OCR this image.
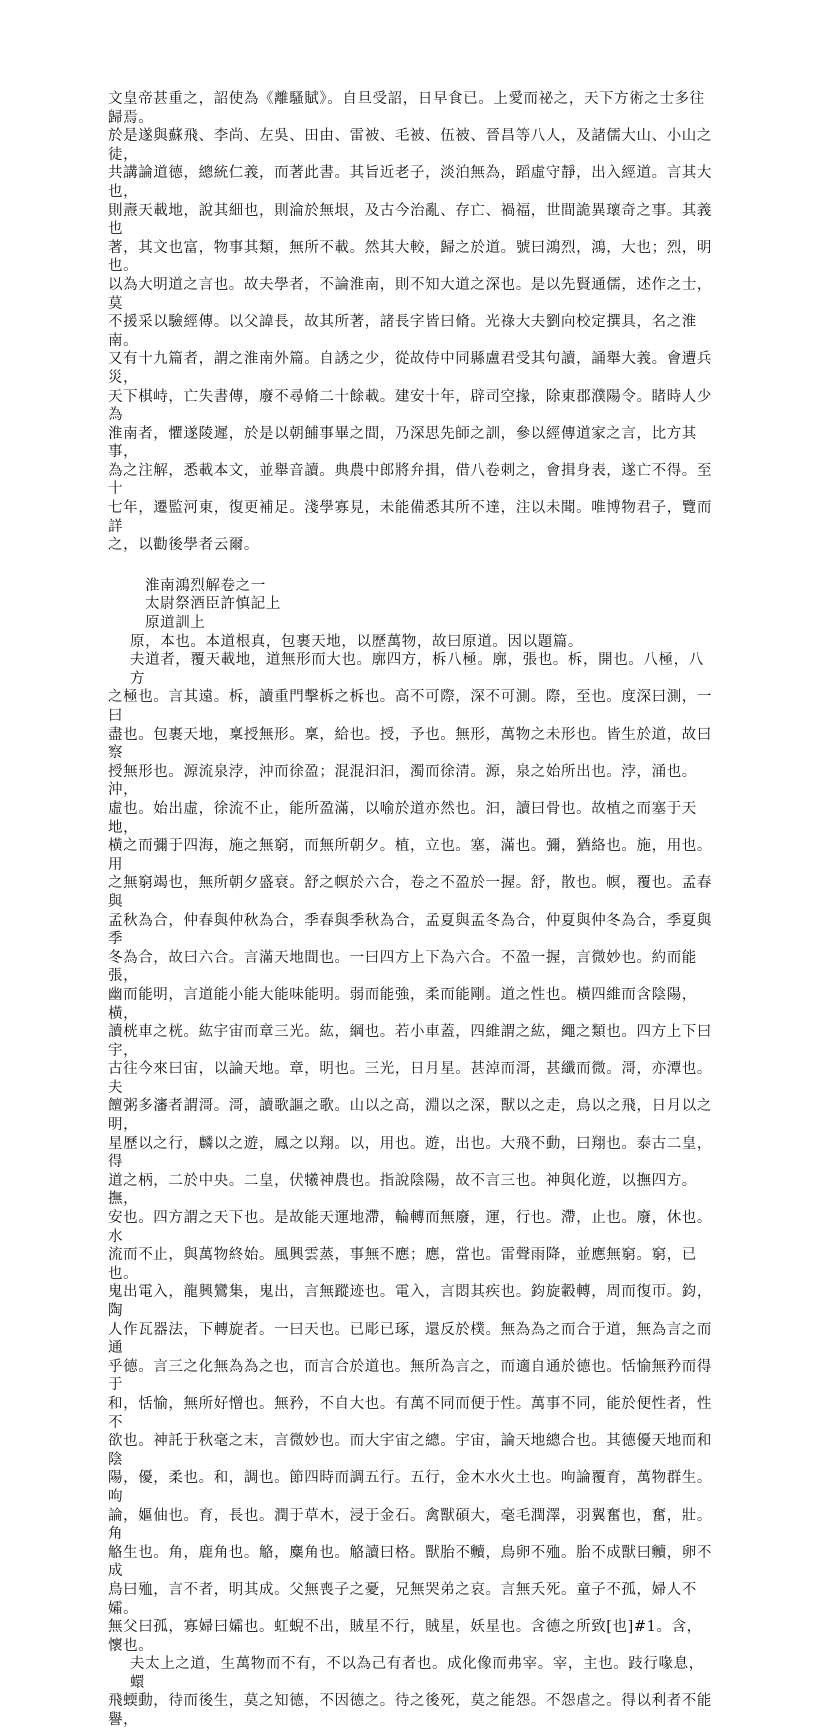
文皇帝甚重之，詔使為《離騷賦》。自旦受詔，日早食已。上愛而祕之，天下方術之士多往歸焉。
於是遂與蘇飛、李尚、左吳、田由、雷被、毛被、伍被、晉昌等八人，及諸儒大山、小山之徒，
共講論道德，總統仁義，而著此書。其旨近老子，淡泊無為，蹈虛守靜，出入經道。言其大也，
則燾天載地，說其細也，則淪於無垠，及古今治亂、存亡、禍福，世間詭異瓌奇之事。其義也
著，其文也富，物事其類，無所不載。然其大較，歸之於道。號曰鴻烈，鴻，大也；烈，明也。
以為大明道之言也。故夫學者，不論淮南，則不知大道之深也。是以先賢通儒，述作之士，莫
不援采以驗經傳。以父諱長，故其所著，諸長字皆曰脩。光祿大夫劉向校定撰具，名之淮南。
又有十九篇者，謂之淮南外篇。自誘之少，從故侍中同縣盧君受其句讀，誦舉大義。會遭兵災，
天下棋峙，亡失書傳，廢不尋脩二十餘載。建安十年，辟司空掾，除東郡濮陽令。睹時人少為
淮南者，懼遂陵遲，於是以朝餔事畢之間，乃深思先師之訓，參以經傳道家之言，比方其事，
為之注解，悉載本文，並舉音讀。典農中郎將弁揖，借八卷刺之，會揖身表，遂亡不得。至十
七年，遷監河東，復更補足。淺學寡見，未能備悉其所不達，注以未聞。唯博物君子，覽而詳
之，以勸後學者云爾。
淮南鴻烈解卷之一
太尉祭酒臣許慎記上
原道訓上
原，本也。本道根真，包裹天地，以歷萬物，故曰原道。因以題篇。
夫道者，覆天載地，道無形而大也。廓四方，柝八極。廓，張也。柝，開也。八極，八方
之極也。言其遠。柝，讀重門擊柝之柝也。高不可際，深不可測。際，至也。度深曰測，一曰
盡也。包裹天地，稟授無形。稟，給也。授，予也。無形，萬物之未形也。皆生於道，故曰察
授無形也。源流泉浡，沖而徐盈；混混汩汩，濁而徐清。源，泉之始所出也。浡，涌也。沖，
虛也。始出虛，徐流不止，能所盈滿，以喻於道亦然也。汩，讀曰骨也。故植之而塞于天地，
橫之而彌于四海，施之無窮，而無所朝夕。植，立也。塞，滿也。彌，猶絡也。施，用也。用
之無窮竭也，無所朝夕盛衰。舒之幎於六合，卷之不盈於一握。舒，散也。幎，覆也。孟春與
孟秋為合，仲春與仲秋為合，季春與季秋為合，孟夏與孟冬為合，仲夏與仲冬為合，季夏與季
冬為合，故曰六合。言滿天地間也。一曰四方上下為六合。不盈一握，言微妙也。約而能張，
幽而能明，言道能小能大能味能明。弱而能強，柔而能剛。道之性也。橫四維而含陰陽，橫，
讀桄車之桄。紘宇宙而章三光。紘，綱也。若小車蓋，四維謂之紘，繩之類也。四方上下曰宇，
古往今來曰宙，以論天地。章，明也。三光，日月星。甚淖而滒，甚纖而微。滒，亦潭也。夫
饘粥多瀋者謂滒。滒，讀歌謳之歌。山以之高，淵以之深，獸以之走，鳥以之飛，日月以之明，
星歷以之行，麟以之遊，鳳之以翔。以，用也。遊，出也。大飛不動，曰翔也。泰古二皇，得
道之柄，二於中央。二皇，伏犧神農也。指說陰陽，故不言三也。神與化遊，以撫四方。撫，
安也。四方謂之天下也。是故能天運地滯，輪轉而無廢，運，行也。滯，止也。廢，休也。水
流而不止，與萬物終始。風興雲蒸，事無不應；應，當也。雷聲雨降，並應無窮。窮，已也。
鬼出電入，龍興鸞集，鬼出，言無蹤迹也。電入，言悶其疾也。鈞旋轂轉，周而復帀。鈞，陶
人作瓦器法，下轉旋者。一曰天也。已彫已琢，還反於樸。無為為之而合于道，無為言之而通
乎德。言三之化無為為之也，而言合於道也。無所為言之，而適自通於德也。恬愉無矜而得于
和，恬愉，無所好憎也。無矜，不自大也。有萬不同而便于性。萬事不同，能於便性者，性不
欲也。神託于秋毫之末，言微妙也。而大宇宙之總。宇宙，論天地總合也。其德優天地而和陰
陽，優，柔也。和，調也。節四時而調五行。五行，金木水火土也。呴論覆育，萬物群生。呴
論，嫗伷也。育，長也。潤于草木，浸于金石。禽獸碩大，毫毛潤澤，羽翼奮也，奮，壯。角
觡生也。角，鹿角也。觡，麋角也。觡讀曰格。獸胎不贕，鳥卵不殈。胎不成獸曰贕，卵不成
鳥曰殈，言不者，明其成。父無喪子之憂，兄無哭弟之哀。言無夭死。童子不孤，婦人不孀。
無父曰孤，寡婦曰孀也。虹蜺不出，賊星不行，賊星，妖星也。含德之所致[也]#1。含，懷也。
夫太上之道，生萬物而不有，不以為己有者也。成化像而弗宰。宰，主也。跂行喙息，蠉
飛蝡動，待而後生，莫之知德，不因德之。待之後死，莫之能怨。不怨虐之。得以利者不能譽，
